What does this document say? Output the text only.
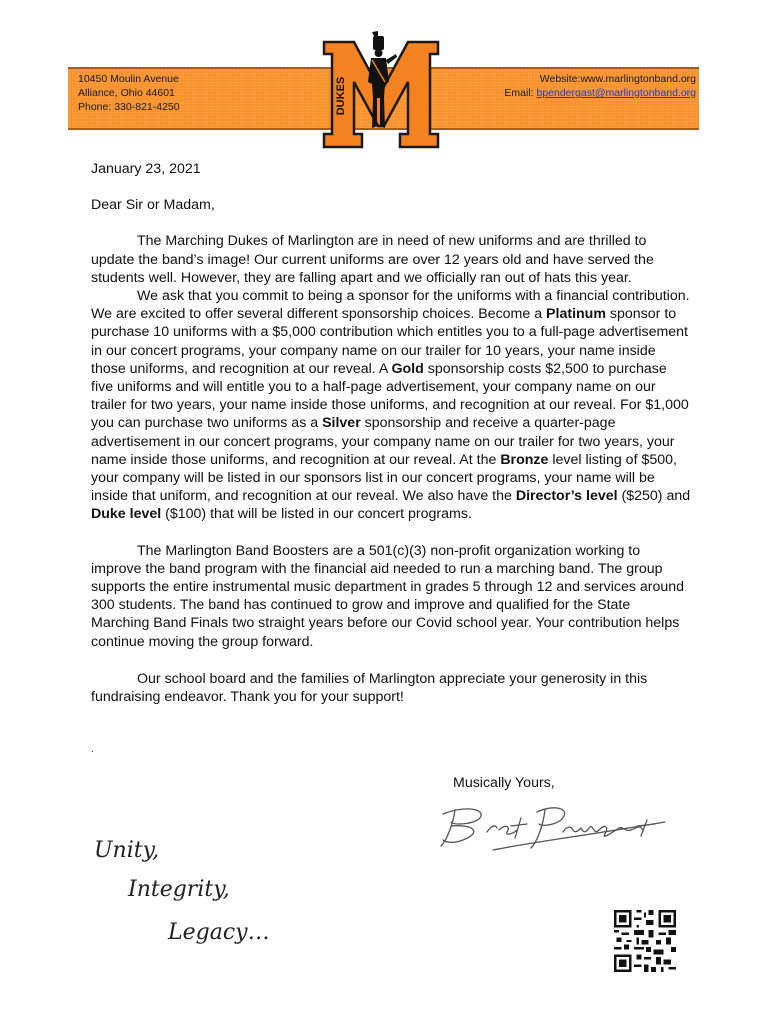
10450 Moulin Avenue
Alliance, Ohio 44601
Phone: 330-821-4250
Website:www.marlingtonband.org
Email: bpendergast@marlingtonband.org
DUKES

January 23, 2021

Dear Sir or Madam,

The Marching Dukes of Marlington are in need of new uniforms and are thrilled to update the band’s image! Our current uniforms are over 12 years old and have served the students well. However, they are falling apart and we officially ran out of hats this year.

We ask that you commit to being a sponsor for the uniforms with a financial contribution. We are excited to offer several different sponsorship choices. Become a Platinum sponsor to purchase 10 uniforms with a $5,000 contribution which entitles you to a full-page advertisement in our concert programs, your company name on our trailer for 10 years, your name inside those uniforms, and recognition at our reveal. A Gold sponsorship costs $2,500 to purchase five uniforms and will entitle you to a half-page advertisement, your company name on our trailer for two years, your name inside those uniforms, and recognition at our reveal. For $1,000 you can purchase two uniforms as a Silver sponsorship and receive a quarter-page advertisement in our concert programs, your company name on our trailer for two years, your name inside those uniforms, and recognition at our reveal. At the Bronze level listing of $500, your company will be listed in our sponsors list in our concert programs, your name will be inside that uniform, and recognition at our reveal. We also have the Director’s level ($250) and Duke level ($100) that will be listed in our concert programs.

The Marlington Band Boosters are a 501(c)(3) non-profit organization working to improve the band program with the financial aid needed to run a marching band. The group supports the entire instrumental music department in grades 5 through 12 and services around 300 students. The band has continued to grow and improve and qualified for the State Marching Band Finals two straight years before our Covid school year. Your contribution helps continue moving the group forward.

Our school board and the families of Marlington appreciate your generosity in this fundraising endeavor. Thank you for your support!

.
Musically Yours,
Unity,
Integrity,
Legacy…
